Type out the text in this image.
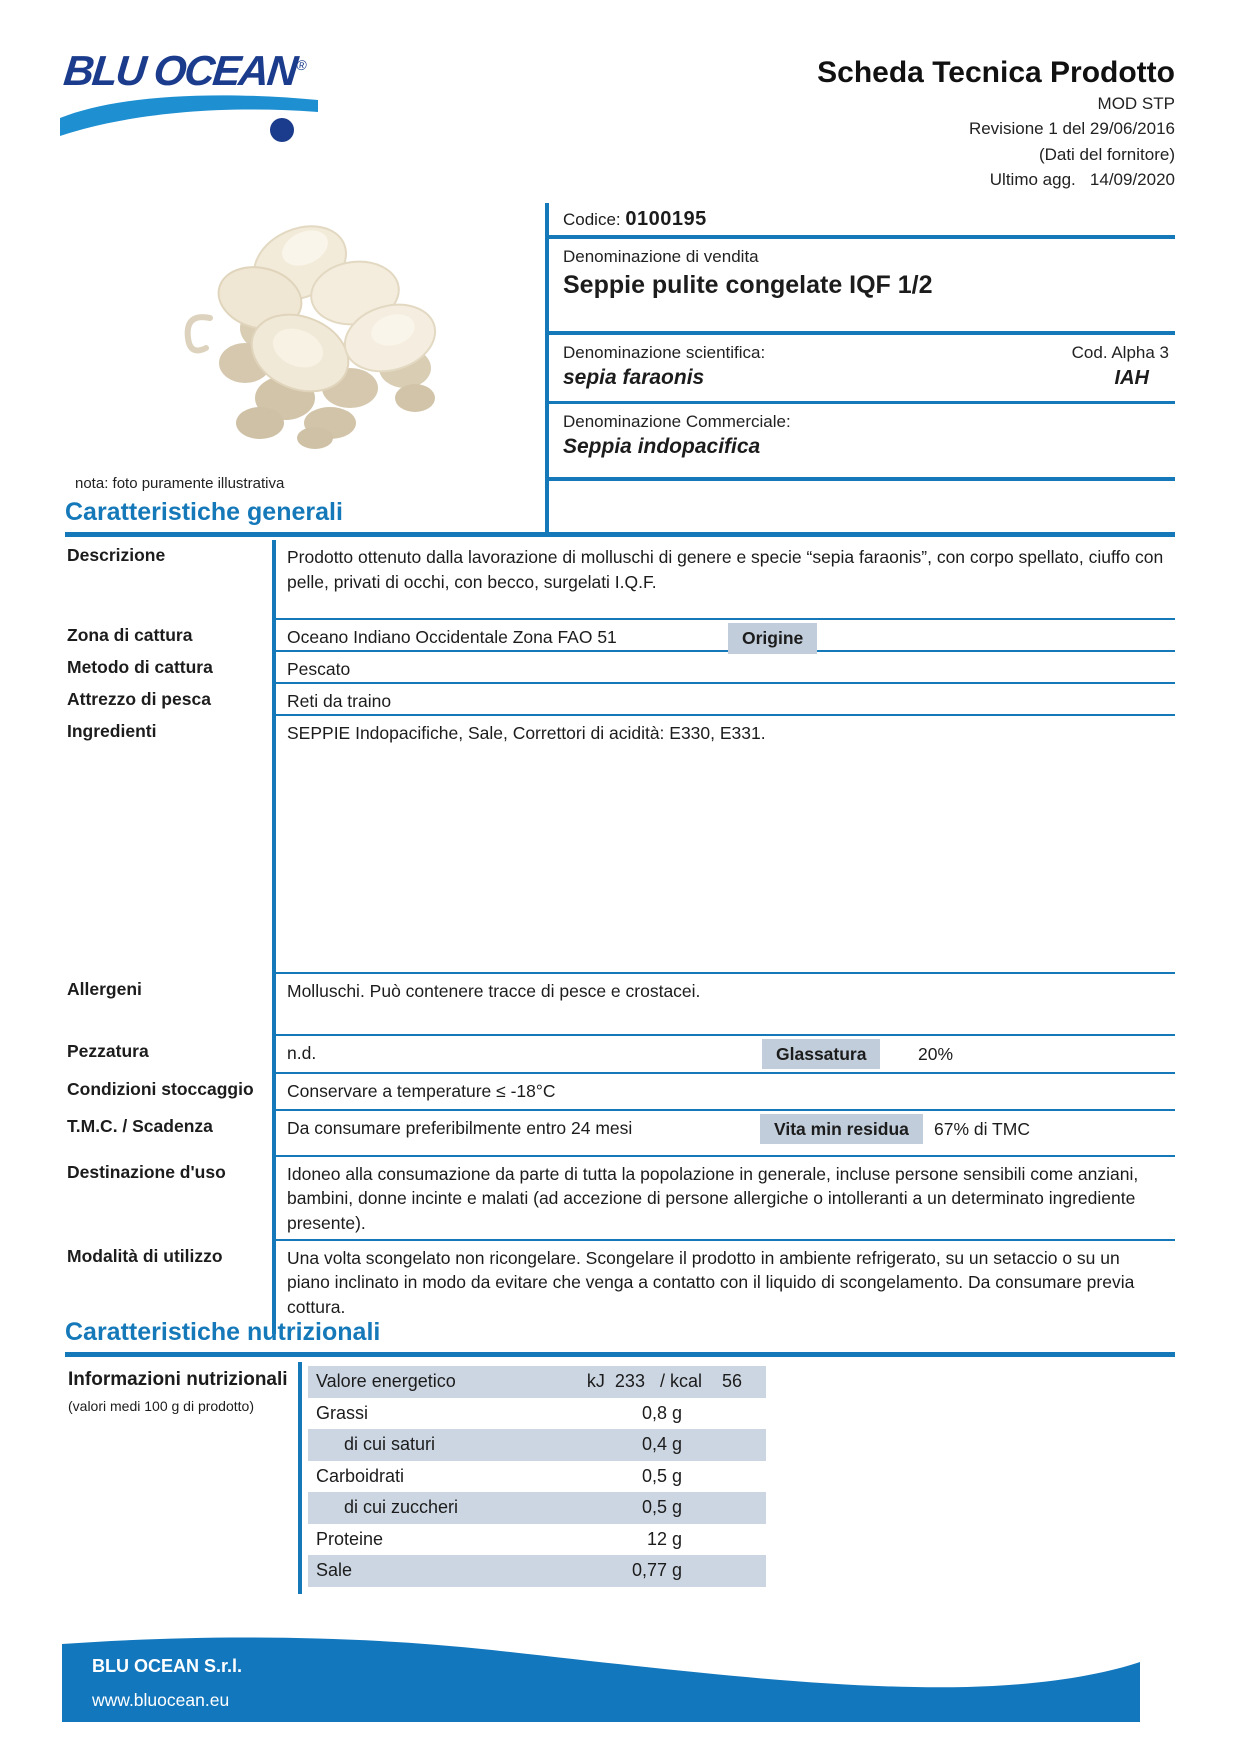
BLU OCEAN®	Scheda Tecnica Prodotto
MOD STP
Revisione 1 del 29/06/2016
(Dati del fornitore)
Ultimo agg.   14/09/2020
nota: foto puramente illustrativa
Codice: 0100195
Denominazione di vendita
Seppie pulite congelate IQF 1/2
Denominazione scientifica:
sepia faraonis
Cod. Alpha 3
IAH
Denominazione Commerciale:
Seppia indopacifica
Caratteristiche generali
Descrizione	Prodotto ottenuto dalla lavorazione di molluschi di genere e specie “sepia faraonis”, con corpo spellato, ciuffo con pelle, privati di occhi, con becco, surgelati I.Q.F.
Zona di cattura	Oceano Indiano Occidentale Zona FAO 51	Origine
Metodo di cattura	Pescato
Attrezzo di pesca	Reti da traino
Ingredienti	SEPPIE Indopacifiche, Sale, Correttori di acidità: E330, E331.
Allergeni	Molluschi. Può contenere tracce di pesce e crostacei.
Pezzatura	n.d.	Glassatura	20%
Condizioni stoccaggio	Conservare a temperature ≤ -18°C
T.M.C. / Scadenza	Da consumare preferibilmente entro 24 mesi	Vita min residua	67% di TMC
Destinazione d'uso	Idoneo alla consumazione da parte di tutta la popolazione in generale, incluse persone sensibili come anziani, bambini, donne incinte e malati (ad accezione di persone allergiche o intolleranti a un determinato ingrediente presente).
Modalità di utilizzo	Una volta scongelato non ricongelare. Scongelare il prodotto in ambiente refrigerato, su un setaccio o su un piano inclinato in modo da evitare che venga a contatto con il liquido di scongelamento. Da consumare previa cottura.
Caratteristiche nutrizionali
Informazioni nutrizionali
(valori medi 100 g di prodotto)
Valore energetico	kJ  233   / kcal    56
Grassi	0,8 g
di cui saturi	0,4 g
Carboidrati	0,5 g
di cui zuccheri	0,5 g
Proteine	12 g
Sale	0,77 g
BLU OCEAN S.r.l.
www.bluocean.eu
